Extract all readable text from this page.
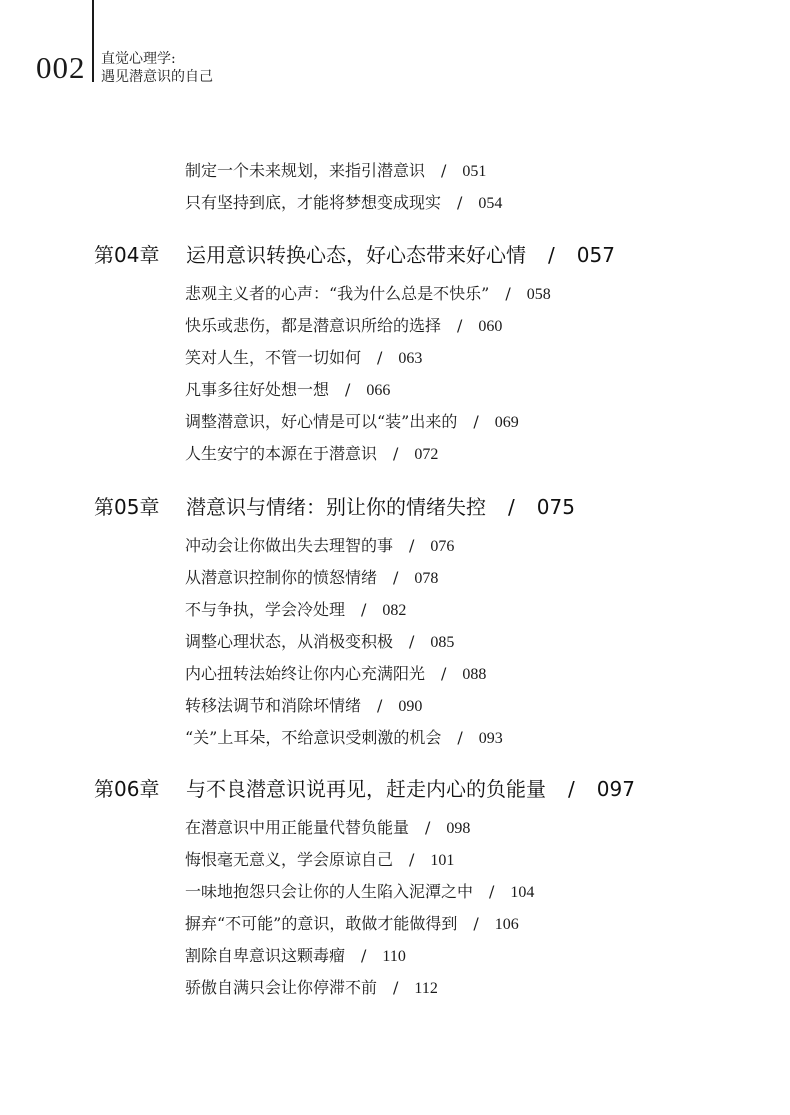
002 直觉心理学:
遇见潜意识的自己
制定一个未来规划，来指引潜意识 / 051
只有坚持到底，才能将梦想变成现实 / 054
第04章 运用意识转换心态，好心态带来好心情 / 057
悲观主义者的心声：“我为什么总是不快乐” / 058
快乐或悲伤，都是潜意识所给的选择 / 060
笑对人生，不管一切如何 / 063
凡事多往好处想一想 / 066
调整潜意识，好心情是可以“装”出来的 / 069
人生安宁的本源在于潜意识 / 072
第05章 潜意识与情绪：别让你的情绪失控 / 075
冲动会让你做出失去理智的事 / 076
从潜意识控制你的愤怒情绪 / 078
不与争执，学会冷处理 / 082
调整心理状态，从消极变积极 / 085
内心扭转法始终让你内心充满阳光 / 088
转移法调节和消除坏情绪 / 090
“关”上耳朵，不给意识受刺激的机会 / 093
第06章 与不良潜意识说再见，赶走内心的负能量 / 097
在潜意识中用正能量代替负能量 / 098
悔恨毫无意义，学会原谅自己 / 101
一味地抱怨只会让你的人生陷入泥潭之中 / 104
摒弃“不可能”的意识，敢做才能做得到 / 106
割除自卑意识这颗毒瘤 / 110
骄傲自满只会让你停滞不前 / 112
